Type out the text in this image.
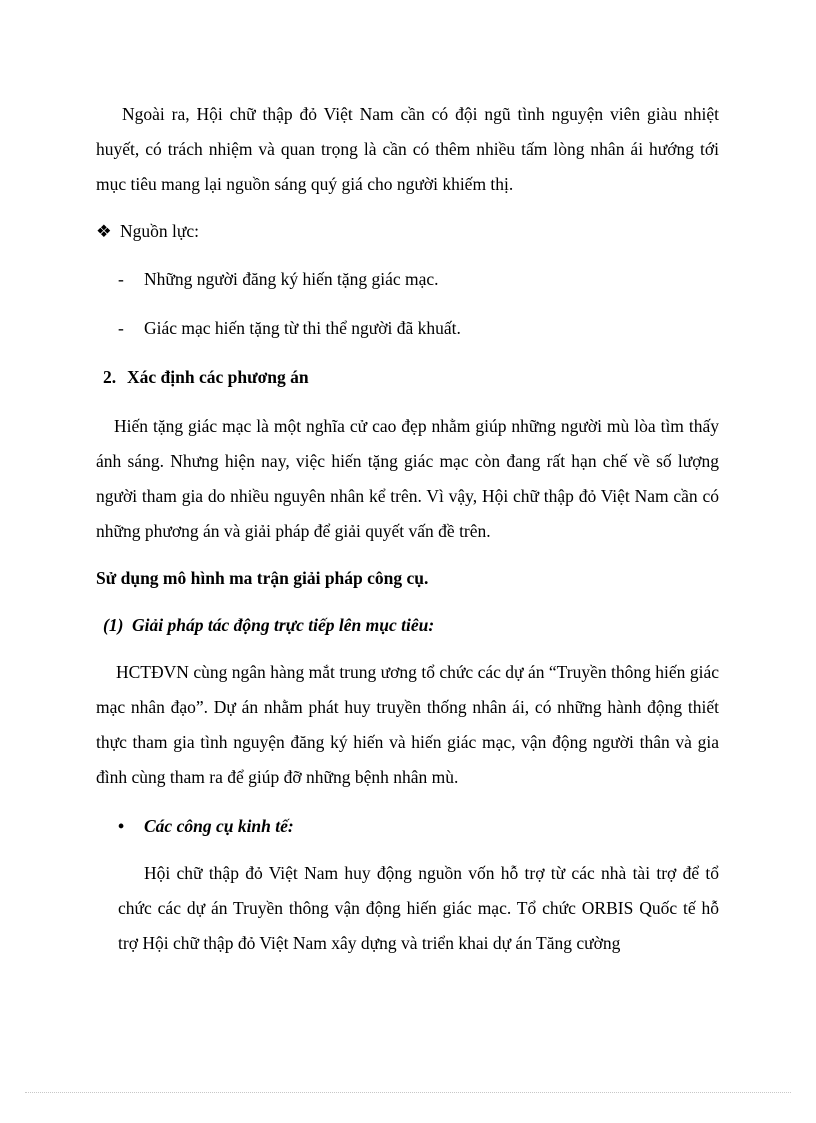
Ngoài ra, Hội chữ thập đỏ Việt Nam cần có đội ngũ tình nguyện viên giàu nhiệt huyết, có trách nhiệm và quan trọng là cần có thêm nhiều tấm lòng nhân ái hướng tới mục tiêu mang lại nguồn sáng quý giá cho người khiếm thị.

❖ Nguồn lực:
-	Những người đăng ký hiến tặng giác mạc.
-	Giác mạc hiến tặng từ thi thể người đã khuất.
2. Xác định các phương án

Hiến tặng giác mạc là một nghĩa cử cao đẹp nhằm giúp những người mù lòa tìm thấy ánh sáng. Nhưng hiện nay, việc hiến tặng giác mạc còn đang rất hạn chế về số lượng người tham gia do nhiều nguyên nhân kể trên. Vì vậy, Hội chữ thập đỏ Việt Nam cần có những phương án và giải pháp để giải quyết vấn đề trên.

Sử dụng mô hình ma trận giải pháp công cụ.

(1) Giải pháp tác động trực tiếp lên mục tiêu:

HCTĐVN cùng ngân hàng mắt trung ương tổ chức các dự án “Truyền thông hiến giác mạc nhân đạo”. Dự án nhằm phát huy truyền thống nhân ái, có những hành động thiết thực tham gia tình nguyện đăng ký hiến và hiến giác mạc, vận động người thân và gia đình cùng tham ra để giúp đỡ những bệnh nhân mù.

•	Các công cụ kinh tế:

Hội chữ thập đỏ Việt Nam huy động nguồn vốn hỗ trợ từ các nhà tài trợ để tổ chức các dự án Truyền thông vận động hiến giác mạc. Tổ chức ORBIS Quốc tế hỗ trợ Hội chữ thập đỏ Việt Nam xây dựng và triển khai dự án Tăng cường
